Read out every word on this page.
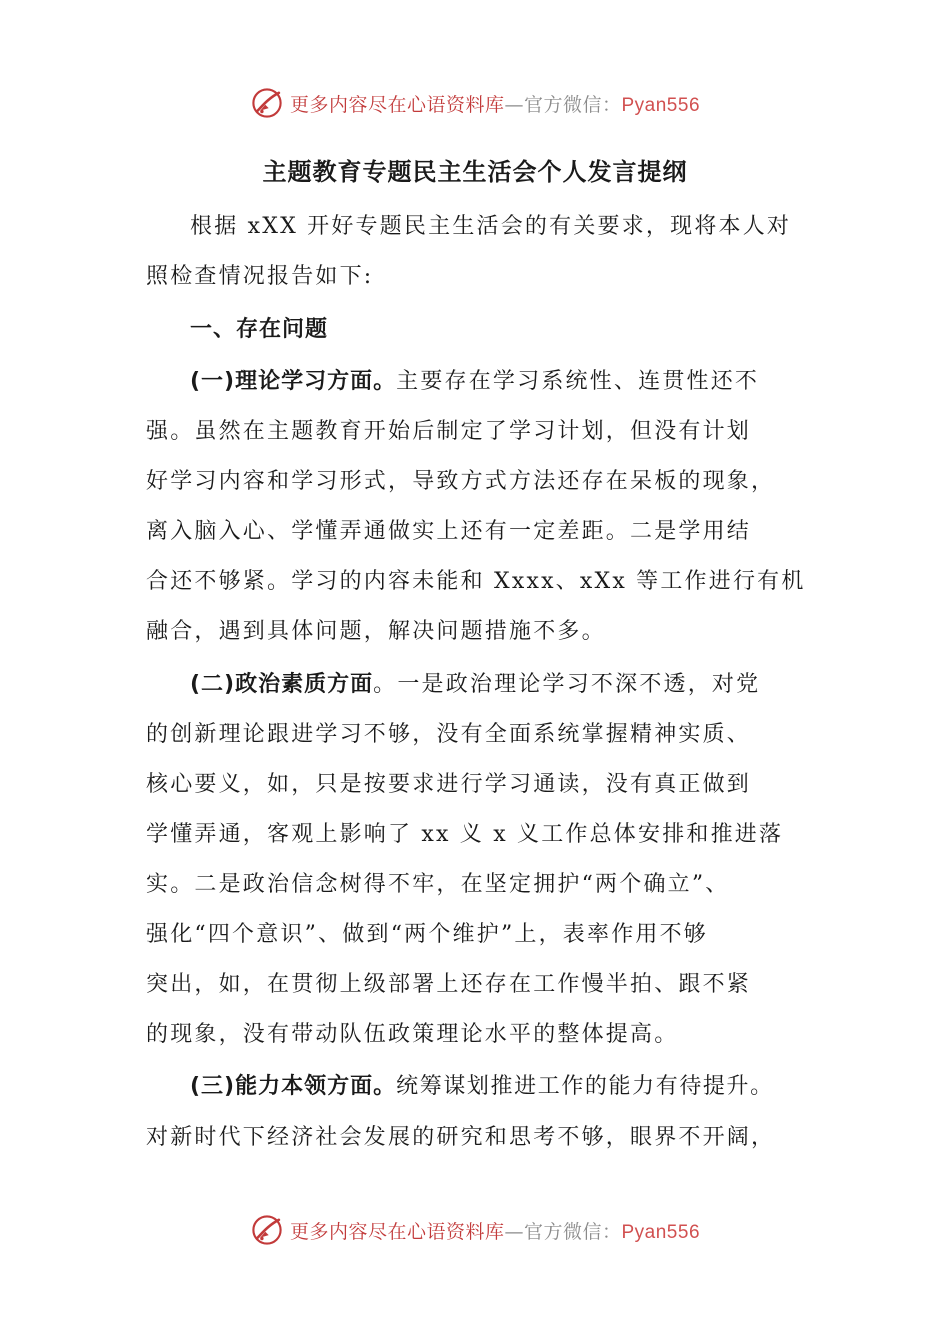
更多内容尽在心语资料库—官方微信：Pyan556
主题教育专题民主生活会个人发言提纲
根据 xXX 开好专题民主生活会的有关要求，现将本人对
照检查情况报告如下:
一、存在问题
(一)理论学习方面。主要存在学习系统性、连贯性还不
强。虽然在主题教育开始后制定了学习计划，但没有计划
好学习内容和学习形式，导致方式方法还存在呆板的现象，
离入脑入心、学懂弄通做实上还有一定差距。二是学用结
合还不够紧。学习的内容未能和 Xxxx、xXx 等工作进行有机
融合，遇到具体问题，解决问题措施不多。
(二)政治素质方面。一是政治理论学习不深不透，对党
的创新理论跟进学习不够，没有全面系统掌握精神实质、
核心要义，如，只是按要求进行学习通读，没有真正做到
学懂弄通，客观上影响了 xx 义 x 义工作总体安排和推进落
实。二是政治信念树得不牢，在坚定拥护“两个确立”、
强化“四个意识”、做到“两个维护”上，表率作用不够
突出，如，在贯彻上级部署上还存在工作慢半拍、跟不紧
的现象，没有带动队伍政策理论水平的整体提高。
(三)能力本领方面。统筹谋划推进工作的能力有待提升。
对新时代下经济社会发展的研究和思考不够，眼界不开阔，
更多内容尽在心语资料库—官方微信：Pyan556
